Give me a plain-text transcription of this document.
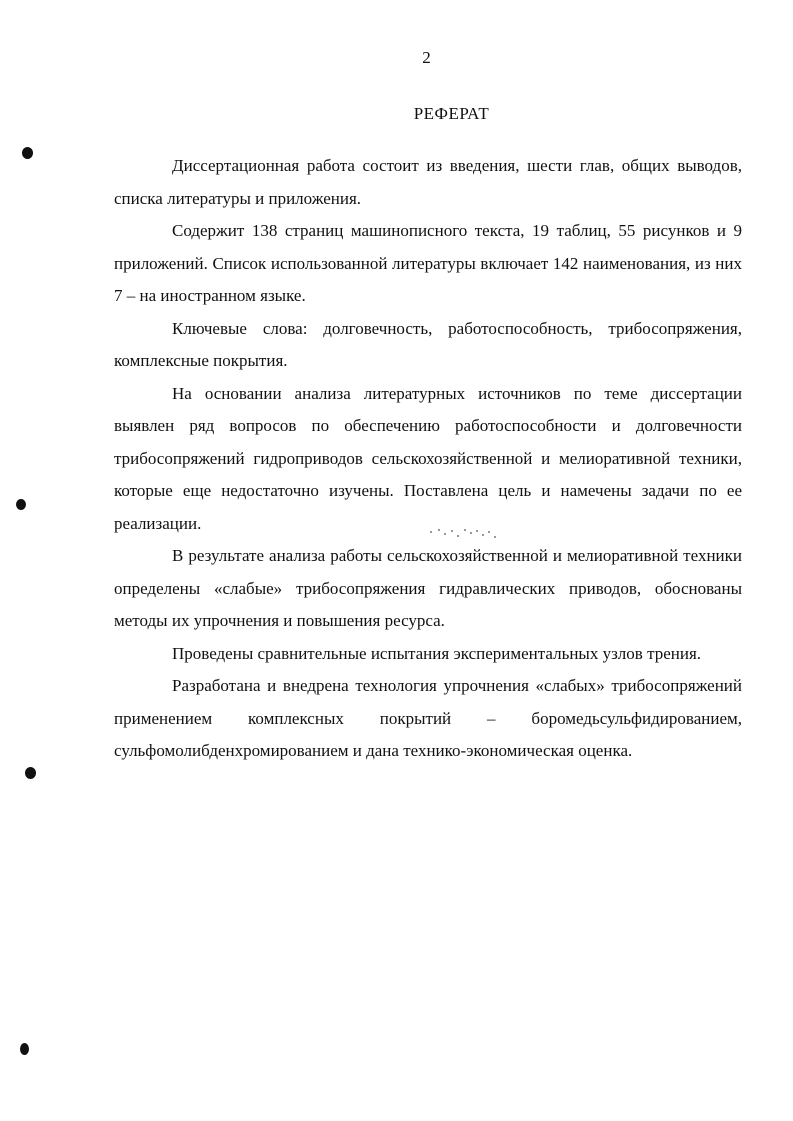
2
РЕФЕРАТ

Диссертационная работа состоит из введения, шести глав, общих выводов, списка литературы и приложения.

Содержит 138 страниц машинописного текста, 19 таблиц, 55 рисунков и 9 приложений. Список использованной литературы включает 142 наименования, из них 7 – на иностранном языке.

Ключевые слова: долговечность, работоспособность, трибосопряжения, комплексные покрытия.

На основании анализа литературных источников по теме диссертации выявлен ряд вопросов по обеспечению работоспособности и долговечности трибосопряжений гидроприводов сельскохозяйственной и мелиоративной техники, которые еще недостаточно изучены. Поставлена цель и намечены задачи по ее реализации.

В результате анализа работы сельскохозяйственной и мелиоративной техники определены «слабые» трибосопряжения гидравлических приводов, обоснованы методы их упрочнения и повышения ресурса.

Проведены сравнительные испытания экспериментальных узлов трения.

Разработана и внедрена технология упрочнения «слабых» трибосопряжений применением комплексных покрытий – боромедьсульфидированием, сульфомолибденхромированием и дана технико-экономическая оценка.
